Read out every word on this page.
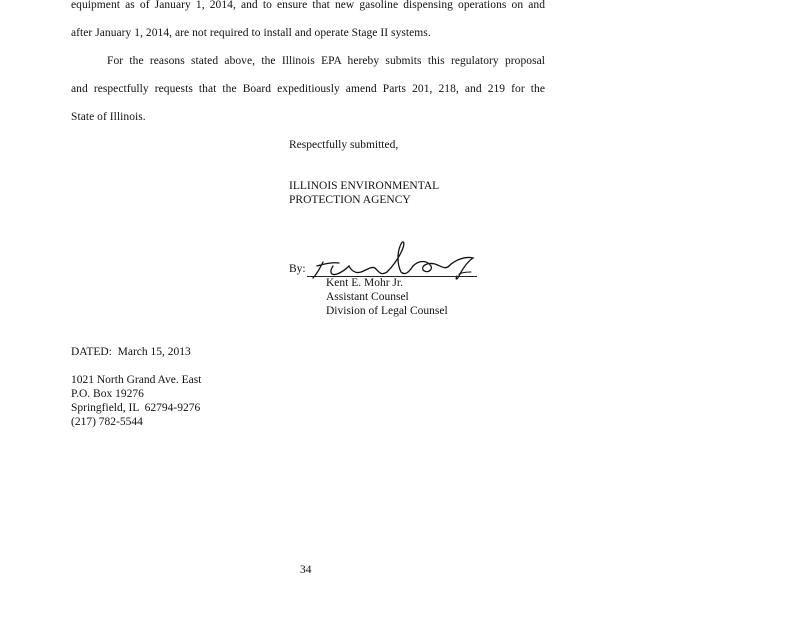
equipment as of January 1, 2014, and to ensure that new gasoline dispensing operations on and
after January 1, 2014, are not required to install and operate Stage II systems.
For the reasons stated above, the Illinois EPA hereby submits this regulatory proposal
and respectfully requests that the Board expeditiously amend Parts 201, 218, and 219 for the
State of Illinois.
Respectfully submitted,
ILLINOIS ENVIRONMENTAL
PROTECTION AGENCY
By:
Kent E. Mohr Jr.
Assistant Counsel
Division of Legal Counsel
DATED: March 15, 2013
1021 North Grand Ave. East
P.O. Box 19276
Springfield, IL  62794-9276
(217) 782-5544
34
